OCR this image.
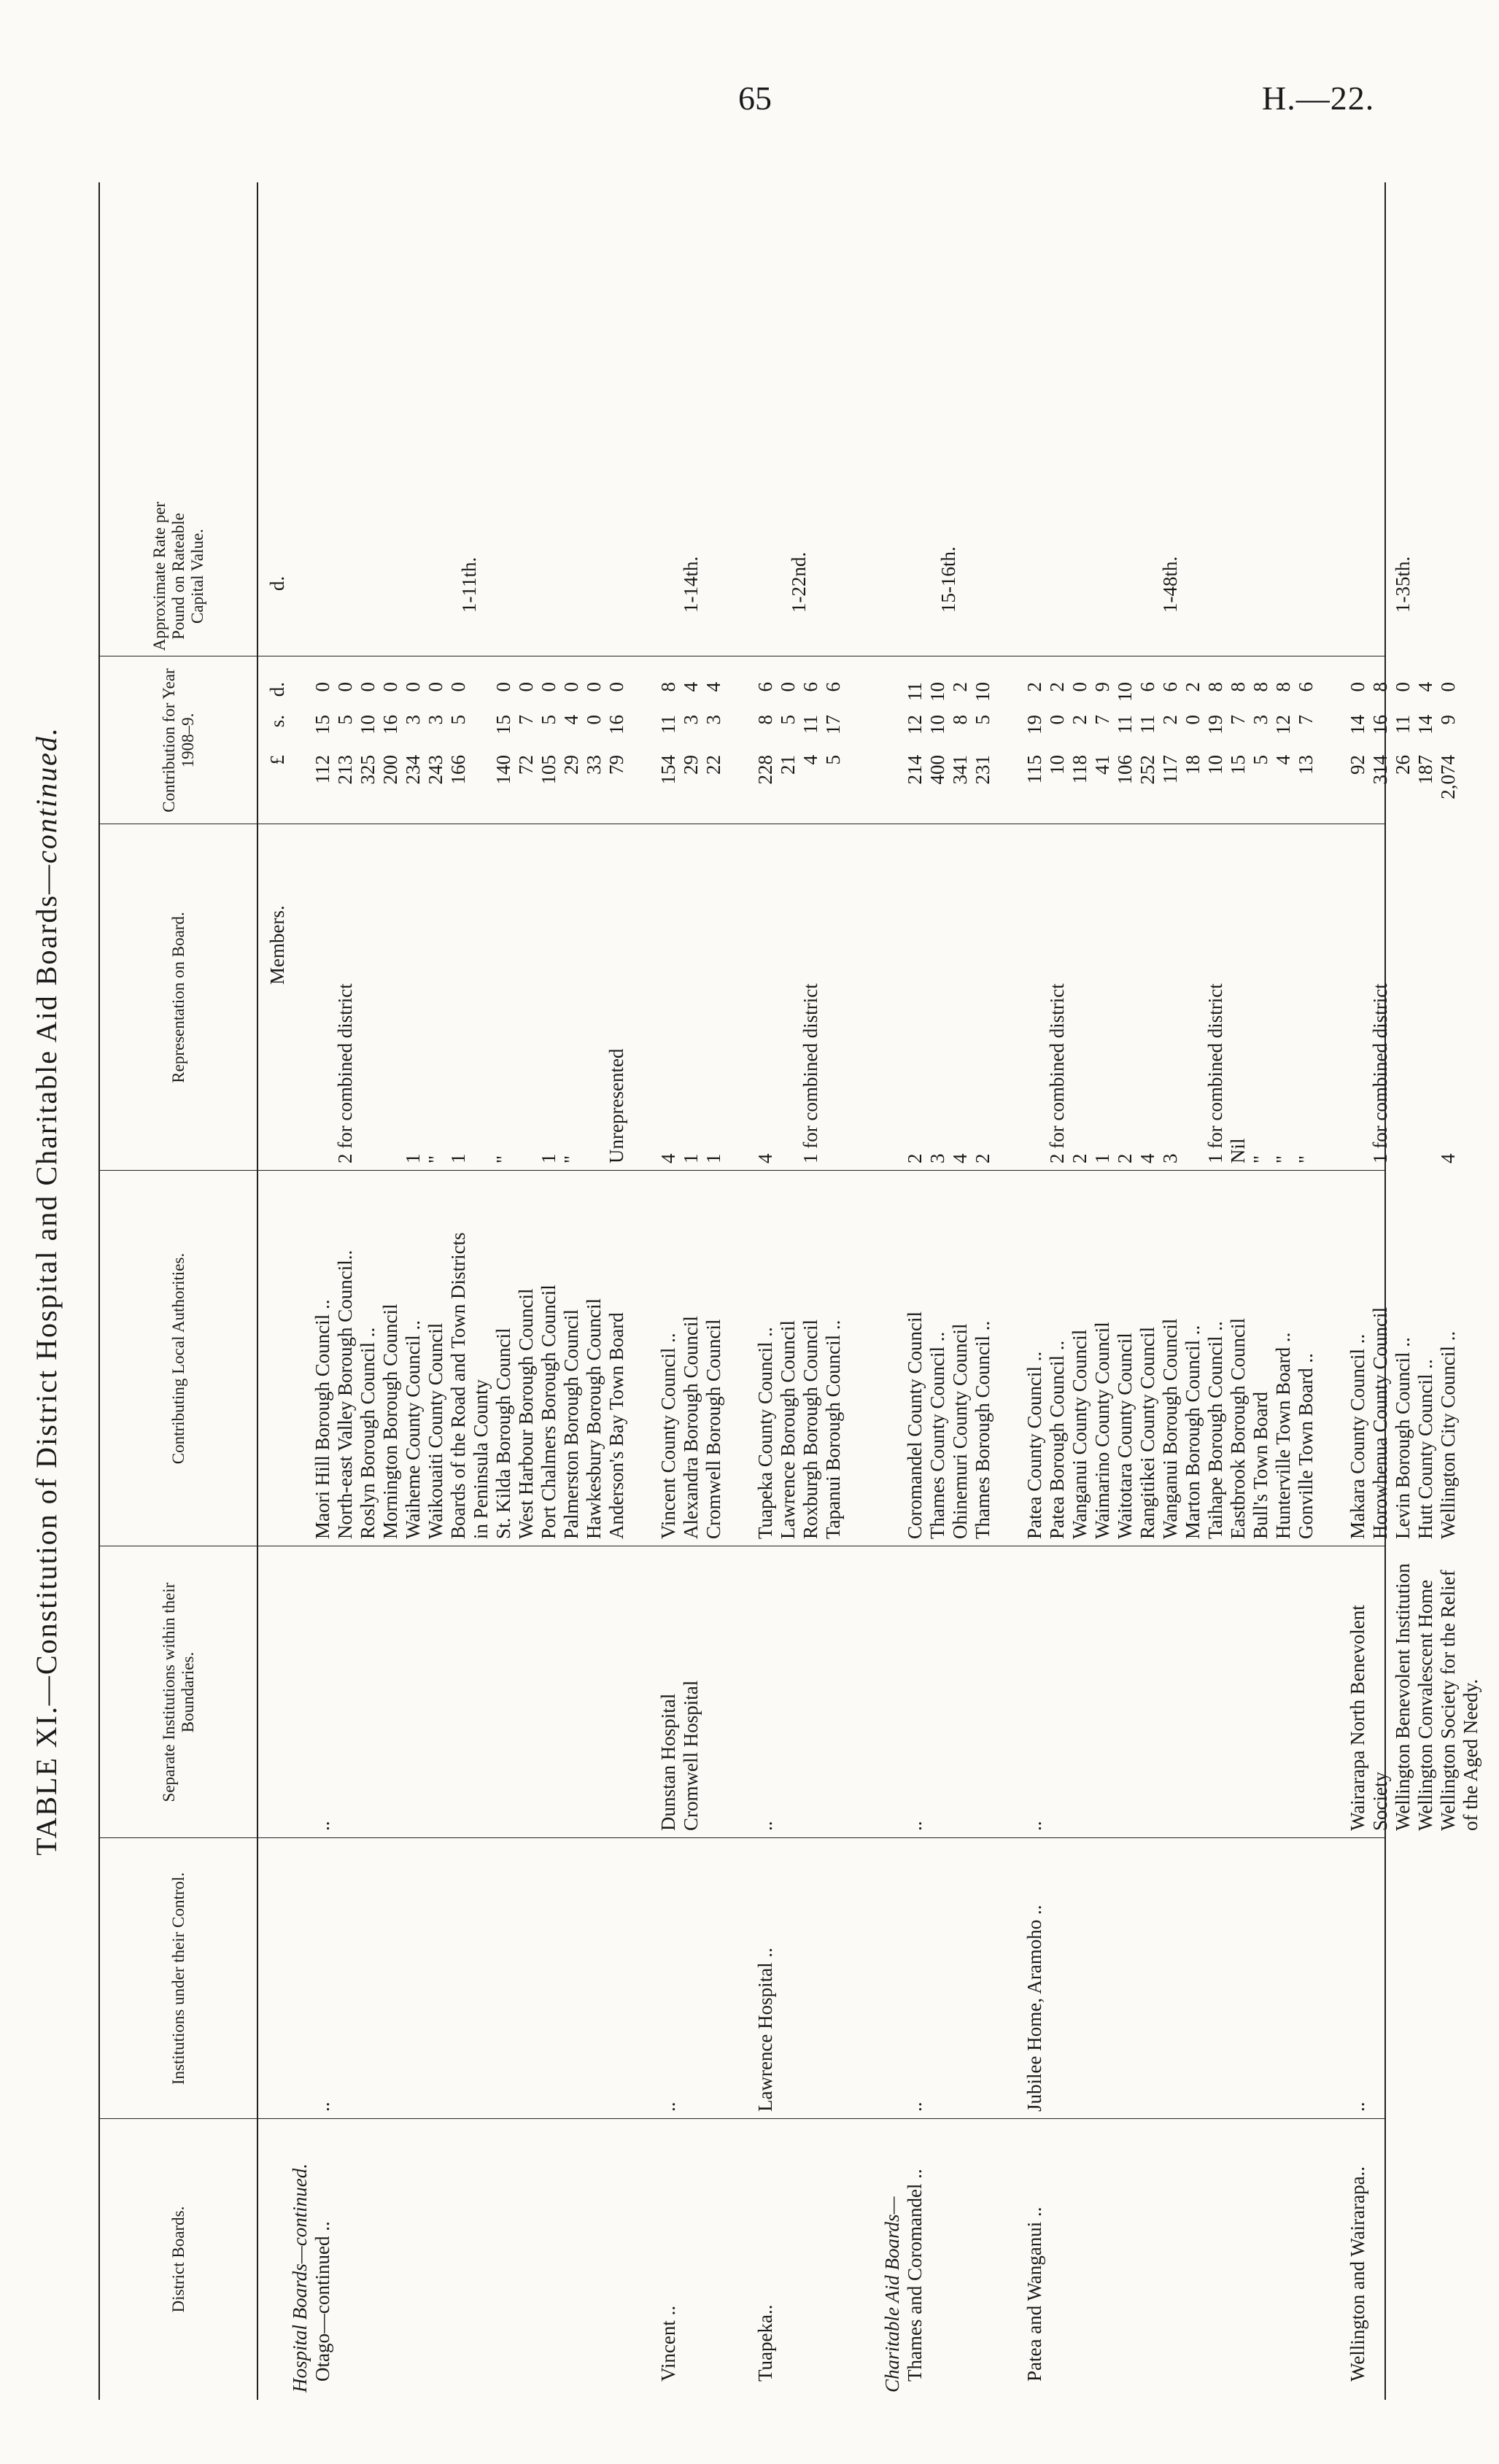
65	H.—22.
TABLE XI.—Constitution of District Hospital and Charitable Aid Boards—continued.
District Boards.
Institutions under their Control.
Separate Institutions within their Boundaries.
Contributing Local Authorities.
Representation on Board.
Contribution for Year 1908–9.
Approximate Rate per Pound on Rateable Capital Value.
Members.
£s.d.
d.
Hospital Boards—continued. Otago—continued ..
..
..
Maori Hill Borough Council ..
112150
North-east Valley Borough Council..
2 for combined district
21350
Roslyn Borough Council ..
325100
Mornington Borough Council
200160
Waiheme County Council ..
1
23430
Waikouaiti County Council
"
24330
Boards of the Road and Town Districts
1
16650
in Peninsula County St. Kilda Borough Council
"
140150
West Harbour Borough Council
7270
Port Chalmers Borough Council
1
10550
Palmerston Borough Council
"
2940
Hawkesbury Borough Council
3300
Anderson's Bay Town Board
Unrepresented
79160
1-11th.
Vincent ..
..
Dunstan Hospital
Cromwell Hospital
Vincent County Council ..
4
154118
Alexandra Borough Council
1
2934
Cromwell Borough Council
1
2234
1-14th.
Tuapeka..
Lawrence Hospital ..
..
Tuapeka County Council ..
4
22886
Lawrence Borough Council
2150
Roxburgh Borough Council
1 for combined district
4116
Tapanui Borough Council ..
5176
1-22nd.
Charitable Aid Boards— Thames and Coromandel ..
..
..
Coromandel County Council
2
2141211
Thames County Council ..
3
4001010
Ohinemuri County Council
4
34182
Thames Borough Council ..
2
231510
15-16th.
Patea and Wanganui ..
Jubilee Home, Aramoho ..
..
Patea County Council ..
115192
Patea Borough Council ..
2 for combined district
1002
Wanganui County Council
2
11820
Waimarino County Council
1
4179
Waitotara County Council
2
1061110
Rangitikei County Council
4
252116
Wanganui Borough Council
3
11726
Marton Borough Council ..
1802
Taihape Borough Council ..
1 for combined district
10198
Eastbrook Borough Council
Nil
1578
Bull's Town Board
"
538
Hunterville Town Board ..
"
4128
Gonville Town Board ..
"
1376
1-48th.
Wellington and Wairarapa..
..
Wairarapa North Benevolent
Society
Wellington Benevolent Institution
Wellington Convalescent Home
Wellington Society for the Relief
of the Aged Needy.
Makara County Council ..
92140
Horowhenua County Council
1 for combined district
314168
Levin Borough Council ..
26110
Hutt County Council ..
187144
Wellington City Council ..
4
2,07490
1-35th.
